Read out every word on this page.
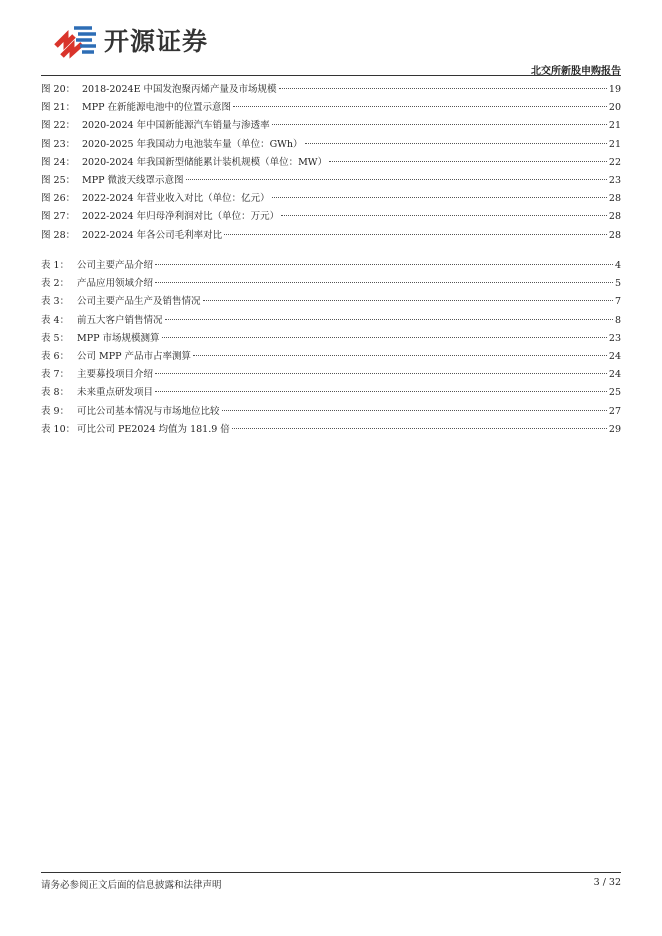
开源证券
北交所新股申购报告
图 20： 2018-2024E 中国发泡聚丙烯产量及市场规模	19
图 21： MPP 在新能源电池中的位置示意图	20
图 22： 2020-2024 年中国新能源汽车销量与渗透率	21
图 23： 2020-2025 年我国动力电池装车量（单位：GWh）	21
图 24： 2020-2024 年我国新型储能累计装机规模（单位：MW）	22
图 25： MPP 微波天线罩示意图	23
图 26： 2022-2024 年营业收入对比（单位：亿元）	28
图 27： 2022-2024 年归母净利润对比（单位：万元）	28
图 28： 2022-2024 年各公司毛利率对比	28
表 1： 公司主要产品介绍	4
表 2： 产品应用领域介绍	5
表 3： 公司主要产品生产及销售情况	7
表 4： 前五大客户销售情况	8
表 5： MPP 市场规模测算	23
表 6： 公司 MPP 产品市占率测算	24
表 7： 主要募投项目介绍	24
表 8： 未来重点研发项目	25
表 9： 可比公司基本情况与市场地位比较	27
表 10： 可比公司 PE2024 均值为 181.9 倍	29
请务必参阅正文后面的信息披露和法律声明	3 / 32
